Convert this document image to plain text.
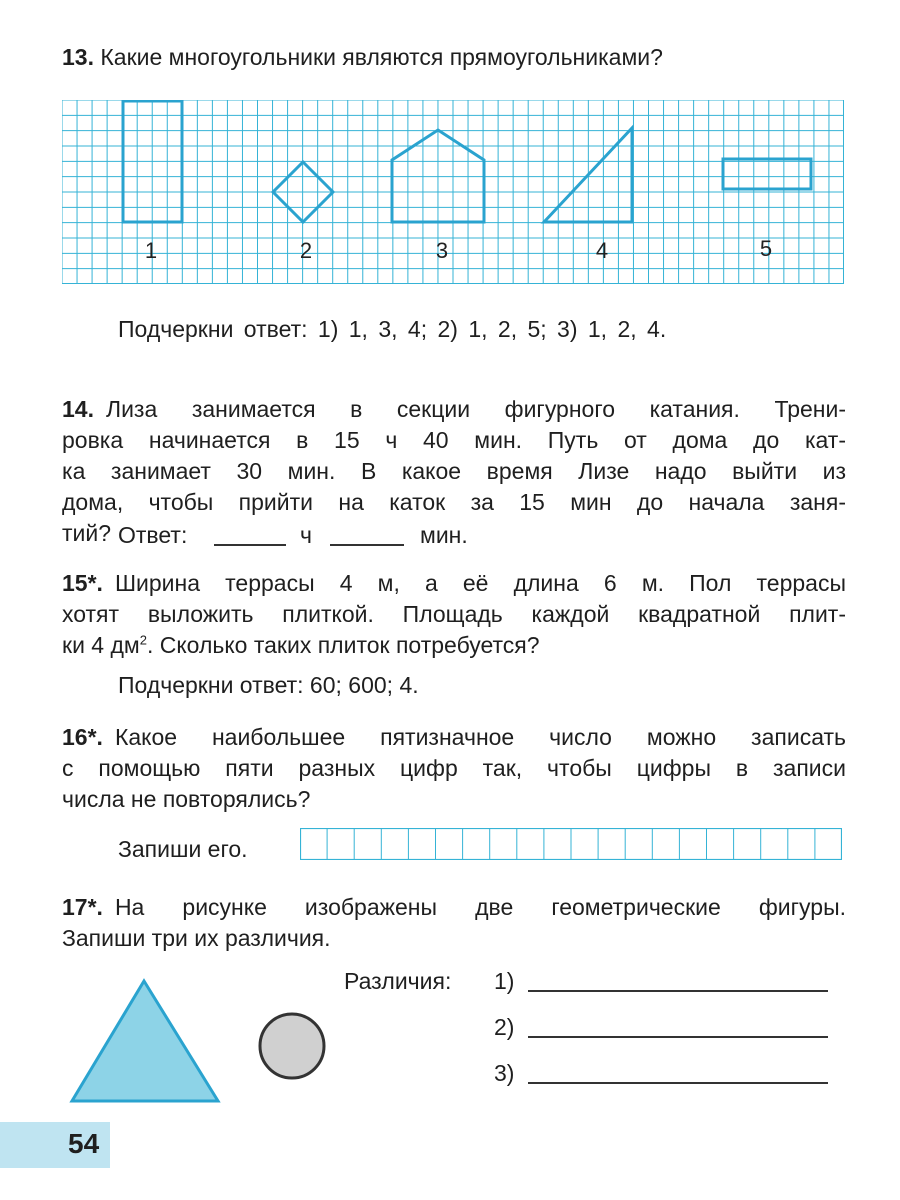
13. Какие многоугольники являются прямоугольниками?
1	2	3	4	5
Подчеркни ответ: 1) 1, 3, 4; 2) 1, 2, 5; 3) 1, 2, 4.
14. Лиза занимается в секции фигурного катания. Трени-
ровка начинается в 15 ч 40 мин. Путь от дома до кат-
ка занимает 30 мин. В какое время Лизе надо выйти из
дома, чтобы прийти на каток за 15 мин до начала заня-
тий? Ответ:	ч	мин.
15*. Ширина террасы 4 м, а её длина 6 м. Пол террасы
хотят выложить плиткой. Площадь каждой квадратной плит-
ки 4 $дм^2$. Сколько таких плиток потребуется?
Подчеркни ответ: 60; 600; 4.
16*. Какое наибольшее пятизначное число можно записать
с помощью пяти разных цифр так, чтобы цифры в записи
числа не повторялись?
Запиши его.
17*. На рисунке изображены две геометрические фигуры.
Запиши три их различия.
Различия: 1)
2)
3)
54
